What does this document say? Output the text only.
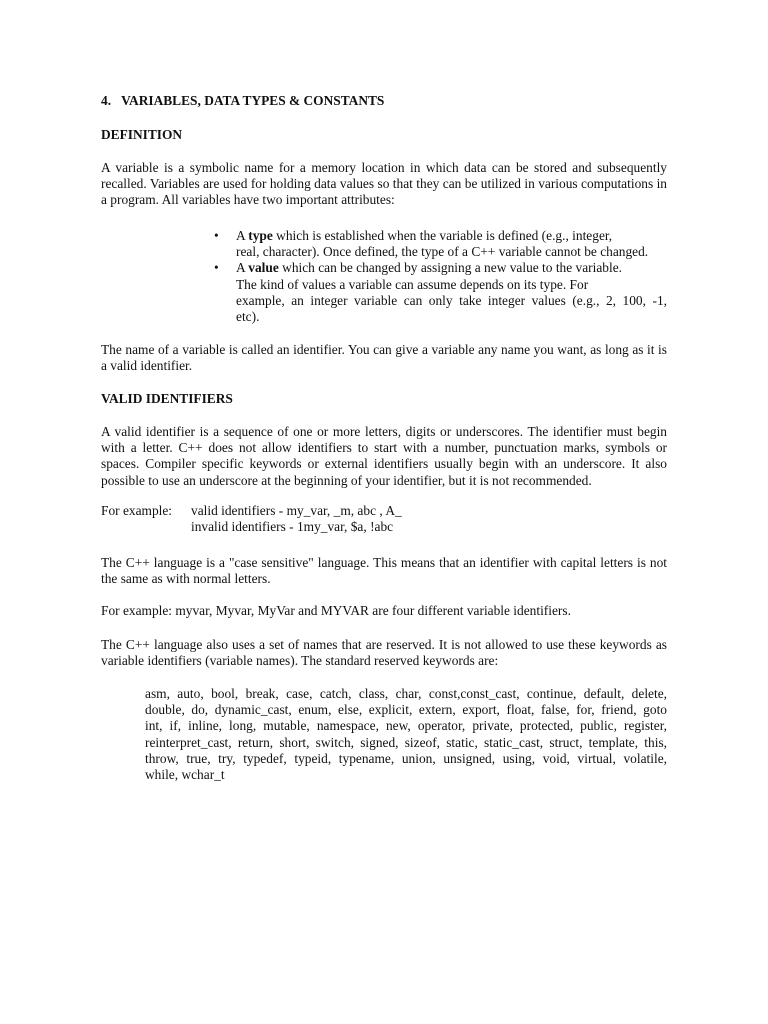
4.   VARIABLES, DATA TYPES & CONSTANTS
DEFINITION

A variable is a symbolic name for a memory location in which data can be stored and subsequently recalled. Variables are used for holding data values so that they can be utilized in various computations in a program. All variables have two important attributes:

• A type which is established when the variable is defined (e.g., integer,
real, character). Once defined, the type of a C++ variable cannot be changed.
• A value which can be changed by assigning a new value to the variable.
The kind of values a variable can assume depends on its type. For
example, an integer variable can only take integer values (e.g., 2, 100, -1,
etc).

The name of a variable is called an identifier. You can give a variable any name you want, as long as it is a valid identifier.

VALID IDENTIFIERS

A valid identifier is a sequence of one or more letters, digits or underscores. The identifier must begin with a letter. C++ does not allow identifiers to start with a number, punctuation marks, symbols or spaces. Compiler specific keywords or external identifiers usually begin with an underscore. It also possible to use an underscore at the beginning of your identifier, but it is not recommended.

For example: valid identifiers - my_var, _m, abc , A_
invalid identifiers - 1my_var, $a, !abc

The C++ language is a "case sensitive" language. This means that an identifier with capital letters is not the same as with normal letters.

For example: myvar, Myvar, MyVar and MYVAR are four different variable identifiers.

The C++ language also uses a set of names that are reserved. It is not allowed to use these keywords as variable identifiers (variable names). The standard reserved keywords are:

asm, auto, bool, break, case, catch, class, char, const,const_cast, continue, default, delete,
double, do, dynamic_cast, enum, else, explicit, extern, export, float, false, for, friend, goto
int, if, inline, long, mutable, namespace, new, operator, private, protected, public, register,
reinterpret_cast, return, short, switch, signed, sizeof, static, static_cast, struct, template, this,
throw, true, try, typedef, typeid, typename, union, unsigned, using, void, virtual, volatile,
while, wchar_t
